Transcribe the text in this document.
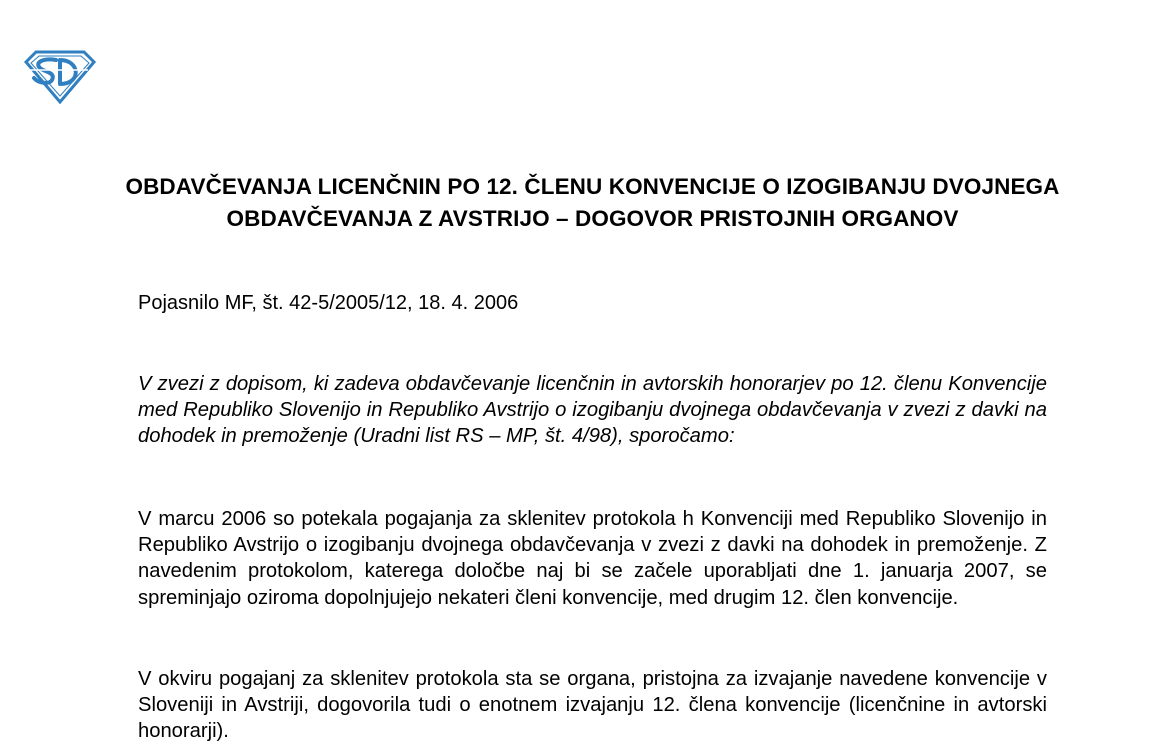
OBDAVČEVANJA LICENČNIN PO 12. ČLENU KONVENCIJE O IZOGIBANJU DVOJNEGA OBDAVČEVANJA Z AVSTRIJO – DOGOVOR PRISTOJNIH ORGANOV

Pojasnilo MF, št. 42-5/2005/12, 18. 4. 2006

V zvezi z dopisom, ki zadeva obdavčevanje licenčnin in avtorskih honorarjev po 12. členu Konvencije med Republiko Slovenijo in Republiko Avstrijo o izogibanju dvojnega obdavčevanja v zvezi z davki na dohodek in premoženje (Uradni list RS – MP, št. 4/98), sporočamo:

V marcu 2006 so potekala pogajanja za sklenitev protokola h Konvenciji med Republiko Slovenijo in Republiko Avstrijo o izogibanju dvojnega obdavčevanja v zvezi z davki na dohodek in premoženje. Z navedenim protokolom, katerega določbe naj bi se začele uporabljati dne 1. januarja 2007, se spreminjajo oziroma dopolnjujejo nekateri členi konvencije, med drugim 12. člen konvencije.

V okviru pogajanj za sklenitev protokola sta se organa, pristojna za izvajanje navedene konvencije v Sloveniji in Avstriji, dogovorila tudi o enotnem izvajanju 12. člena konvencije (licenčnine in avtorski honorarji).
